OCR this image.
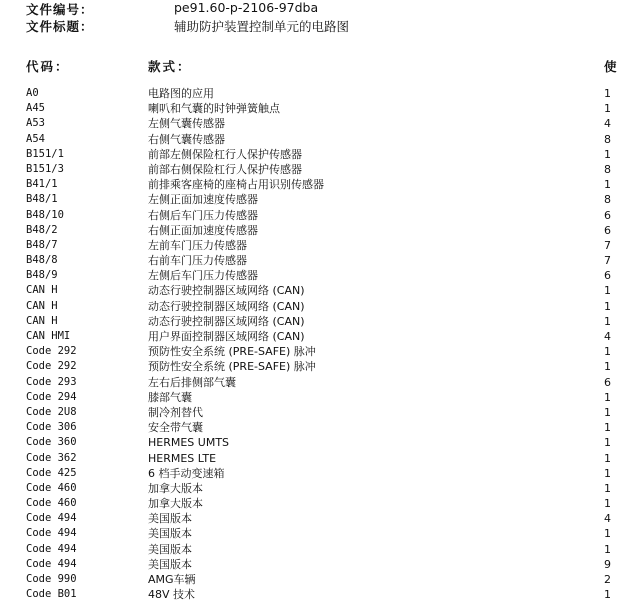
文件编号：	pe91.60-p-2106-97dba
文件标题：	辅助防护装置控制单元的电路图
代码：	款式：	使
A0	电路图的应用	1
A45	喇叭和气囊的时钟弹簧触点	1
A53	左侧气囊传感器	4
A54	右侧气囊传感器	8
B151/1	前部左侧保险杠行人保护传感器	1
B151/3	前部右侧保险杠行人保护传感器	8
B41/1	前排乘客座椅的座椅占用识别传感器	1
B48/1	左侧正面加速度传感器	8
B48/10	右侧后车门压力传感器	6
B48/2	右侧正面加速度传感器	6
B48/7	左前车门压力传感器	7
B48/8	右前车门压力传感器	7
B48/9	左侧后车门压力传感器	6
CAN H	动态行驶控制器区域网络 (CAN)	1
CAN H	动态行驶控制器区域网络 (CAN)	1
CAN H	动态行驶控制器区域网络 (CAN)	1
CAN HMI	用户界面控制器区域网络 (CAN)	4
Code 292	预防性安全系统 (PRE-SAFE) 脉冲	1
Code 292	预防性安全系统 (PRE-SAFE) 脉冲	1
Code 293	左右后排侧部气囊	6
Code 294	膝部气囊	1
Code 2U8	制冷剂替代	1
Code 306	安全带气囊	1
Code 360	HERMES UMTS	1
Code 362	HERMES LTE	1
Code 425	6 档手动变速箱	1
Code 460	加拿大版本	1
Code 460	加拿大版本	1
Code 494	美国版本	4
Code 494	美国版本	1
Code 494	美国版本	1
Code 494	美国版本	9
Code 990	AMG车辆	2
Code B01	48V 技术	1
